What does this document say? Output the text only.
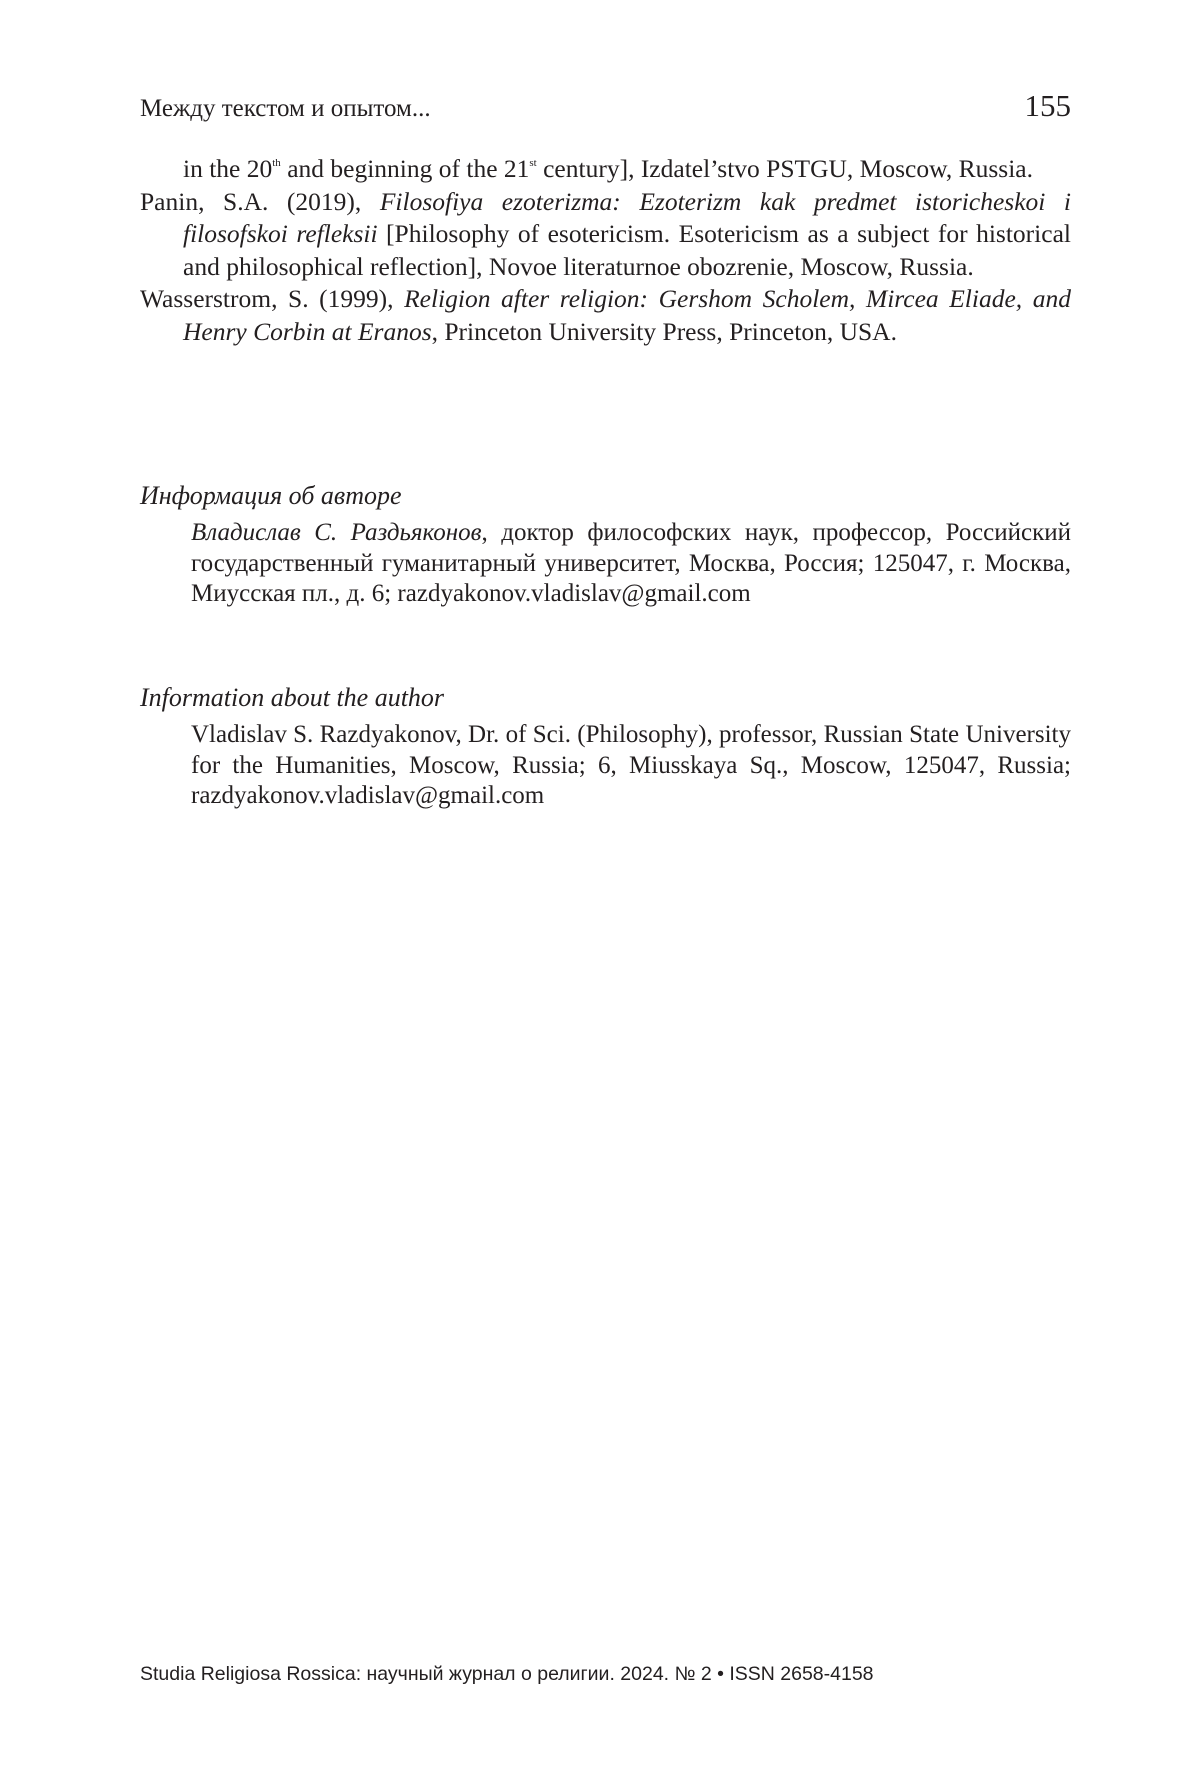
Между текстом и опытом...	155

in the 20th and beginning of the 21st century], Izdatel’stvo PSTGU, Moscow, Russia.

Panin, S.A. (2019), Filosofiya ezoterizma: Ezoterizm kak predmet istoricheskoi i filosofskoi refleksii [Philosophy of esotericism. Esotericism as a subject for historical and philosophical reflection], Novoe literaturnoe obozrenie, Moscow, Russia.

Wasserstrom, S. (1999), Religion after religion: Gershom Scholem, Mircea Eliade, and Henry Corbin at Eranos, Princeton University Press, Princeton, USA.

Информация об авторе

Владислав С. Раздьяконов, доктор философских наук, профессор, Российский государственный гуманитарный университет, Москва, Россия; 125047, г. Москва, Миусская пл., д. 6; razdyakonov.vladislav@gmail.com

Information about the author

Vladislav S. Razdyakonov, Dr. of Sci. (Philosophy), professor, Russian State University for the Humanities, Moscow, Russia; 6, Miusskaya Sq., Moscow, 125047, Russia; razdyakonov.vladislav@gmail.com

Studia Religiosa Rossica: научный журнал о религии. 2024. № 2 • ISSN 2658-4158
